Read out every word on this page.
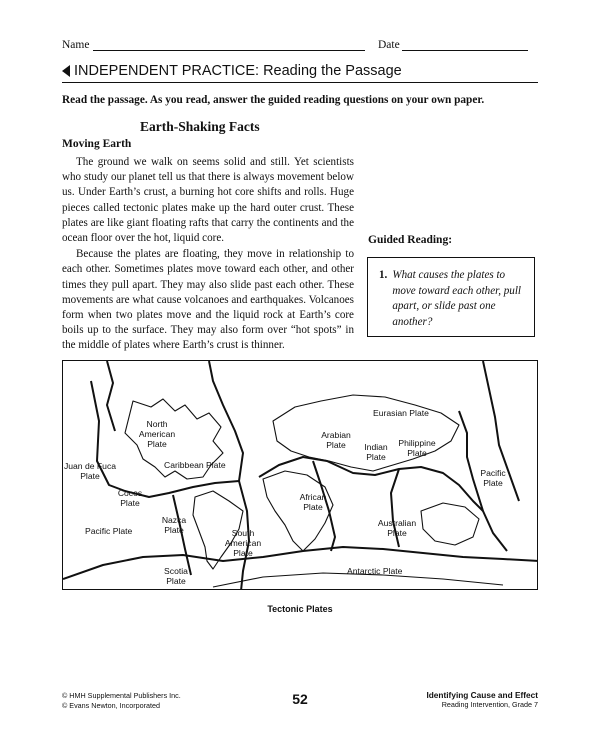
Name	Date
INDEPENDENT PRACTICE: Reading the Passage
Read the passage. As you read, answer the guided reading questions on your own paper.
Earth-Shaking Facts
Moving Earth

The ground we walk on seems solid and still. Yet scientists who study our planet tell us that there is always movement below us. Under Earth’s crust, a burning hot core shifts and rolls. Huge pieces called tectonic plates make up the hard outer crust. These plates are like giant floating rafts that carry the continents and the ocean floor over the hot, liquid core.

Because the plates are floating, they move in relationship to each other. Sometimes plates move toward each other, and other times they pull apart. They may also slide past each other. These movements are what cause volcanoes and earthquakes. Volcanoes form when two plates move and the liquid rock at Earth’s core boils up to the surface. They may also form over “hot spots” in the middle of plates where Earth’s crust is thinner.

Guided Reading:
1. What causes the plates to move toward each other, pull apart, or slide past one another?
North American Plate
Juan de Fuca Plate
Caribbean Plate
Cocos Plate
Pacific Plate
Nazca Plate	South American Plate
Scotia Plate
Arabian Plate
African Plate
Eurasian Plate
Indian Plate
Philippine Plate
Pacific Plate
Australian Plate
Antarctic Plate
Tectonic Plates
© HMH Supplemental Publishers Inc.
© Evans Newton, Incorporated	52	Identifying Cause and Effect
Reading Intervention, Grade 7
